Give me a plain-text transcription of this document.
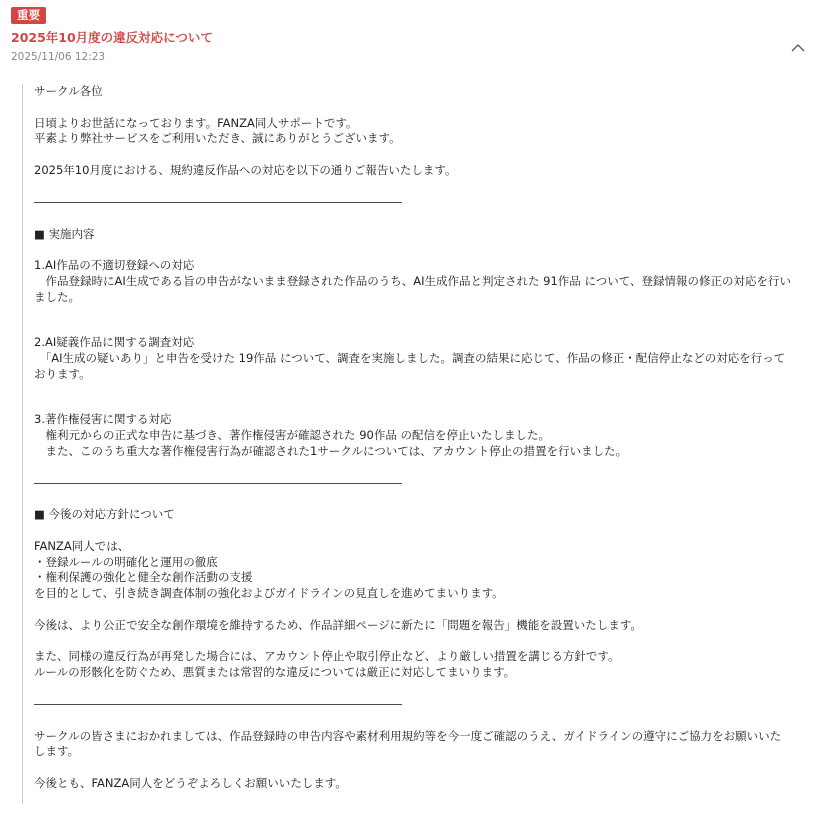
重要
2025年10月度の違反対応について
2025/11/06 12:23

サークル各位

日頃よりお世話になっております。FANZA同人サポートです。
平素より弊社サービスをご利用いただき、誠にありがとうございます。

2025年10月度における、規約違反作品への対応を以下の通りご報告いたします。

――――――――――――――――――――――――――――――――

■ 実施内容

1.AI作品の不適切登録への対応
　作品登録時にAI生成である旨の申告がないまま登録された作品のうち、AI生成作品と判定された 91作品 について、登録情報の修正の対応を行いました。

2.AI疑義作品に関する調査対応
　「AI生成の疑いあり」と申告を受けた 19作品 について、調査を実施しました。調査の結果に応じて、作品の修正・配信停止などの対応を行っております。

3.著作権侵害に関する対応
　権利元からの正式な申告に基づき、著作権侵害が確認された 90作品 の配信を停止いたしました。
　また、このうち重大な著作権侵害行為が確認された1サークルについては、アカウント停止の措置を行いました。

――――――――――――――――――――――――――――――――

■ 今後の対応方針について

FANZA同人では、
・登録ルールの明確化と運用の徹底
・権利保護の強化と健全な創作活動の支援
を目的として、引き続き調査体制の強化およびガイドラインの見直しを進めてまいります。

今後は、より公正で安全な創作環境を維持するため、作品詳細ページに新たに「問題を報告」機能を設置いたします。

また、同様の違反行為が再発した場合には、アカウント停止や取引停止など、より厳しい措置を講じる方針です。
ルールの形骸化を防ぐため、悪質または常習的な違反については厳正に対応してまいります。

――――――――――――――――――――――――――――――――

サークルの皆さまにおかれましては、作品登録時の申告内容や素材利用規約等を今一度ご確認のうえ、ガイドラインの遵守にご協力をお願いいたします。

今後とも、FANZA同人をどうぞよろしくお願いいたします。
